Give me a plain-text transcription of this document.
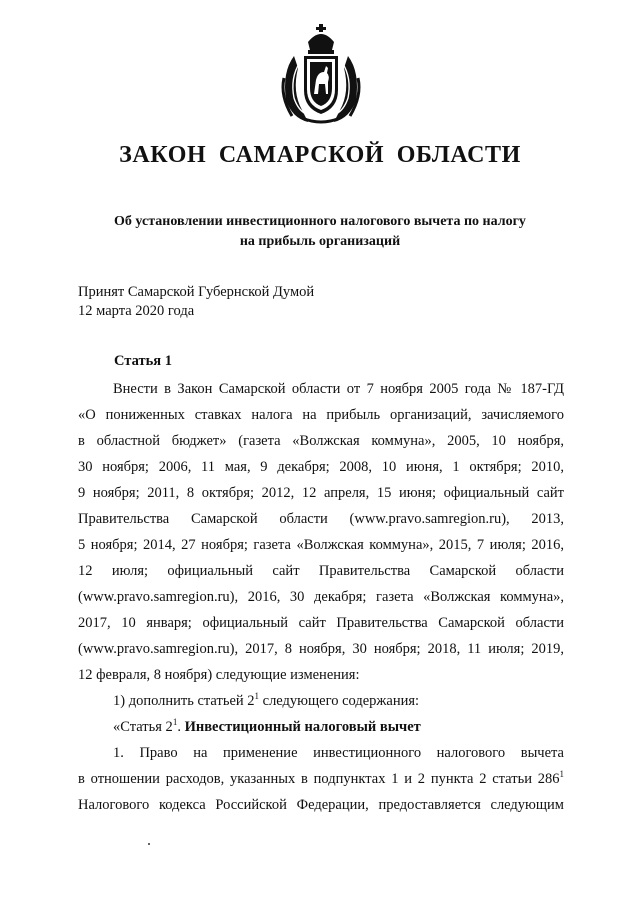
ЗАКОН САМАРСКОЙ ОБЛАСТИ
Об установлении инвестиционного налогового вычета по налогу
на прибыль организаций
Принят Самарской Губернской Думой
12 марта 2020 года
Статья 1
Внести в Закон Самарской области от 7 ноября 2005 года № 187-ГД
«О пониженных ставках налога на прибыль организаций, зачисляемого
в областной бюджет» (газета «Волжская коммуна», 2005, 10 ноября,
30 ноября; 2006, 11 мая, 9 декабря; 2008, 10 июня, 1 октября; 2010,
9 ноября; 2011, 8 октября; 2012, 12 апреля, 15 июня; официальный сайт
Правительства Самарской области (www.pravo.samregion.ru), 2013,
5 ноября; 2014, 27 ноября; газета «Волжская коммуна», 2015, 7 июля; 2016,
12 июля; официальный сайт Правительства Самарской области
(www.pravo.samregion.ru), 2016, 30 декабря; газета «Волжская коммуна»,
2017, 10 января; официальный сайт Правительства Самарской области
(www.pravo.samregion.ru), 2017, 8 ноября, 30 ноября; 2018, 11 июля; 2019,
12 февраля, 8 ноября) следующие изменения:
1) дополнить статьей $2^1$ следующего содержания:
«Статья $2^1$. Инвестиционный налоговый вычет
1. Право на применение инвестиционного налогового вычета
в отношении расходов, указанных в подпунктах 1 и 2 пункта 2 статьи $286^1$
Налогового кодекса Российской Федерации, предоставляется следующим
